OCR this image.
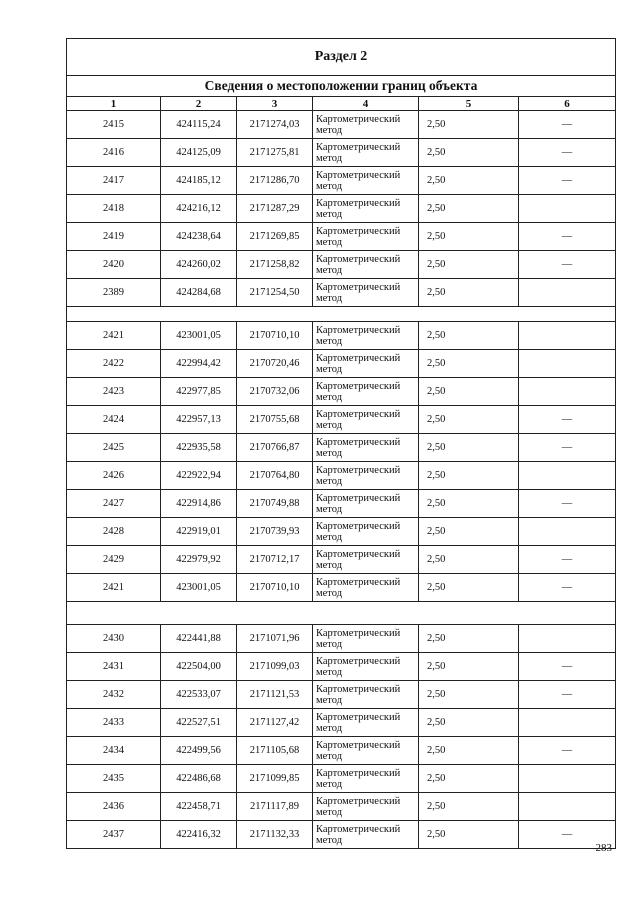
Раздел 2					
Сведения о местоположении границ объекта					
1	2	3	4	5	6
2415	424115,24	2171274,03	Картометрический метод	2,50	—
2416	424125,09	2171275,81	Картометрический метод	2,50	—
2417	424185,12	2171286,70	Картометрический метод	2,50	—
2418	424216,12	2171287,29	Картометрический метод	2,50	
2419	424238,64	2171269,85	Картометрический метод	2,50	—
2420	424260,02	2171258,82	Картометрический метод	2,50	—
2389	424284,68	2171254,50	Картометрический метод	2,50	

2421	423001,05	2170710,10	Картометрический метод	2,50	
2422	422994,42	2170720,46	Картометрический метод	2,50	
2423	422977,85	2170732,06	Картометрический метод	2,50	
2424	422957,13	2170755,68	Картометрический метод	2,50	—
2425	422935,58	2170766,87	Картометрический метод	2,50	—
2426	422922,94	2170764,80	Картометрический метод	2,50	
2427	422914,86	2170749,88	Картометрический метод	2,50	—
2428	422919,01	2170739,93	Картометрический метод	2,50	
2429	422979,92	2170712,17	Картометрический метод	2,50	—
2421	423001,05	2170710,10	Картометрический метод	2,50	—

2430	422441,88	2171071,96	Картометрический метод	2,50	
2431	422504,00	2171099,03	Картометрический метод	2,50	—
2432	422533,07	2171121,53	Картометрический метод	2,50	—
2433	422527,51	2171127,42	Картометрический метод	2,50	
2434	422499,56	2171105,68	Картометрический метод	2,50	—
2435	422486,68	2171099,85	Картометрический метод	2,50	
2436	422458,71	2171117,89	Картометрический метод	2,50	
2437	422416,32	2171132,33	Картометрический метод	2,50	—
283
